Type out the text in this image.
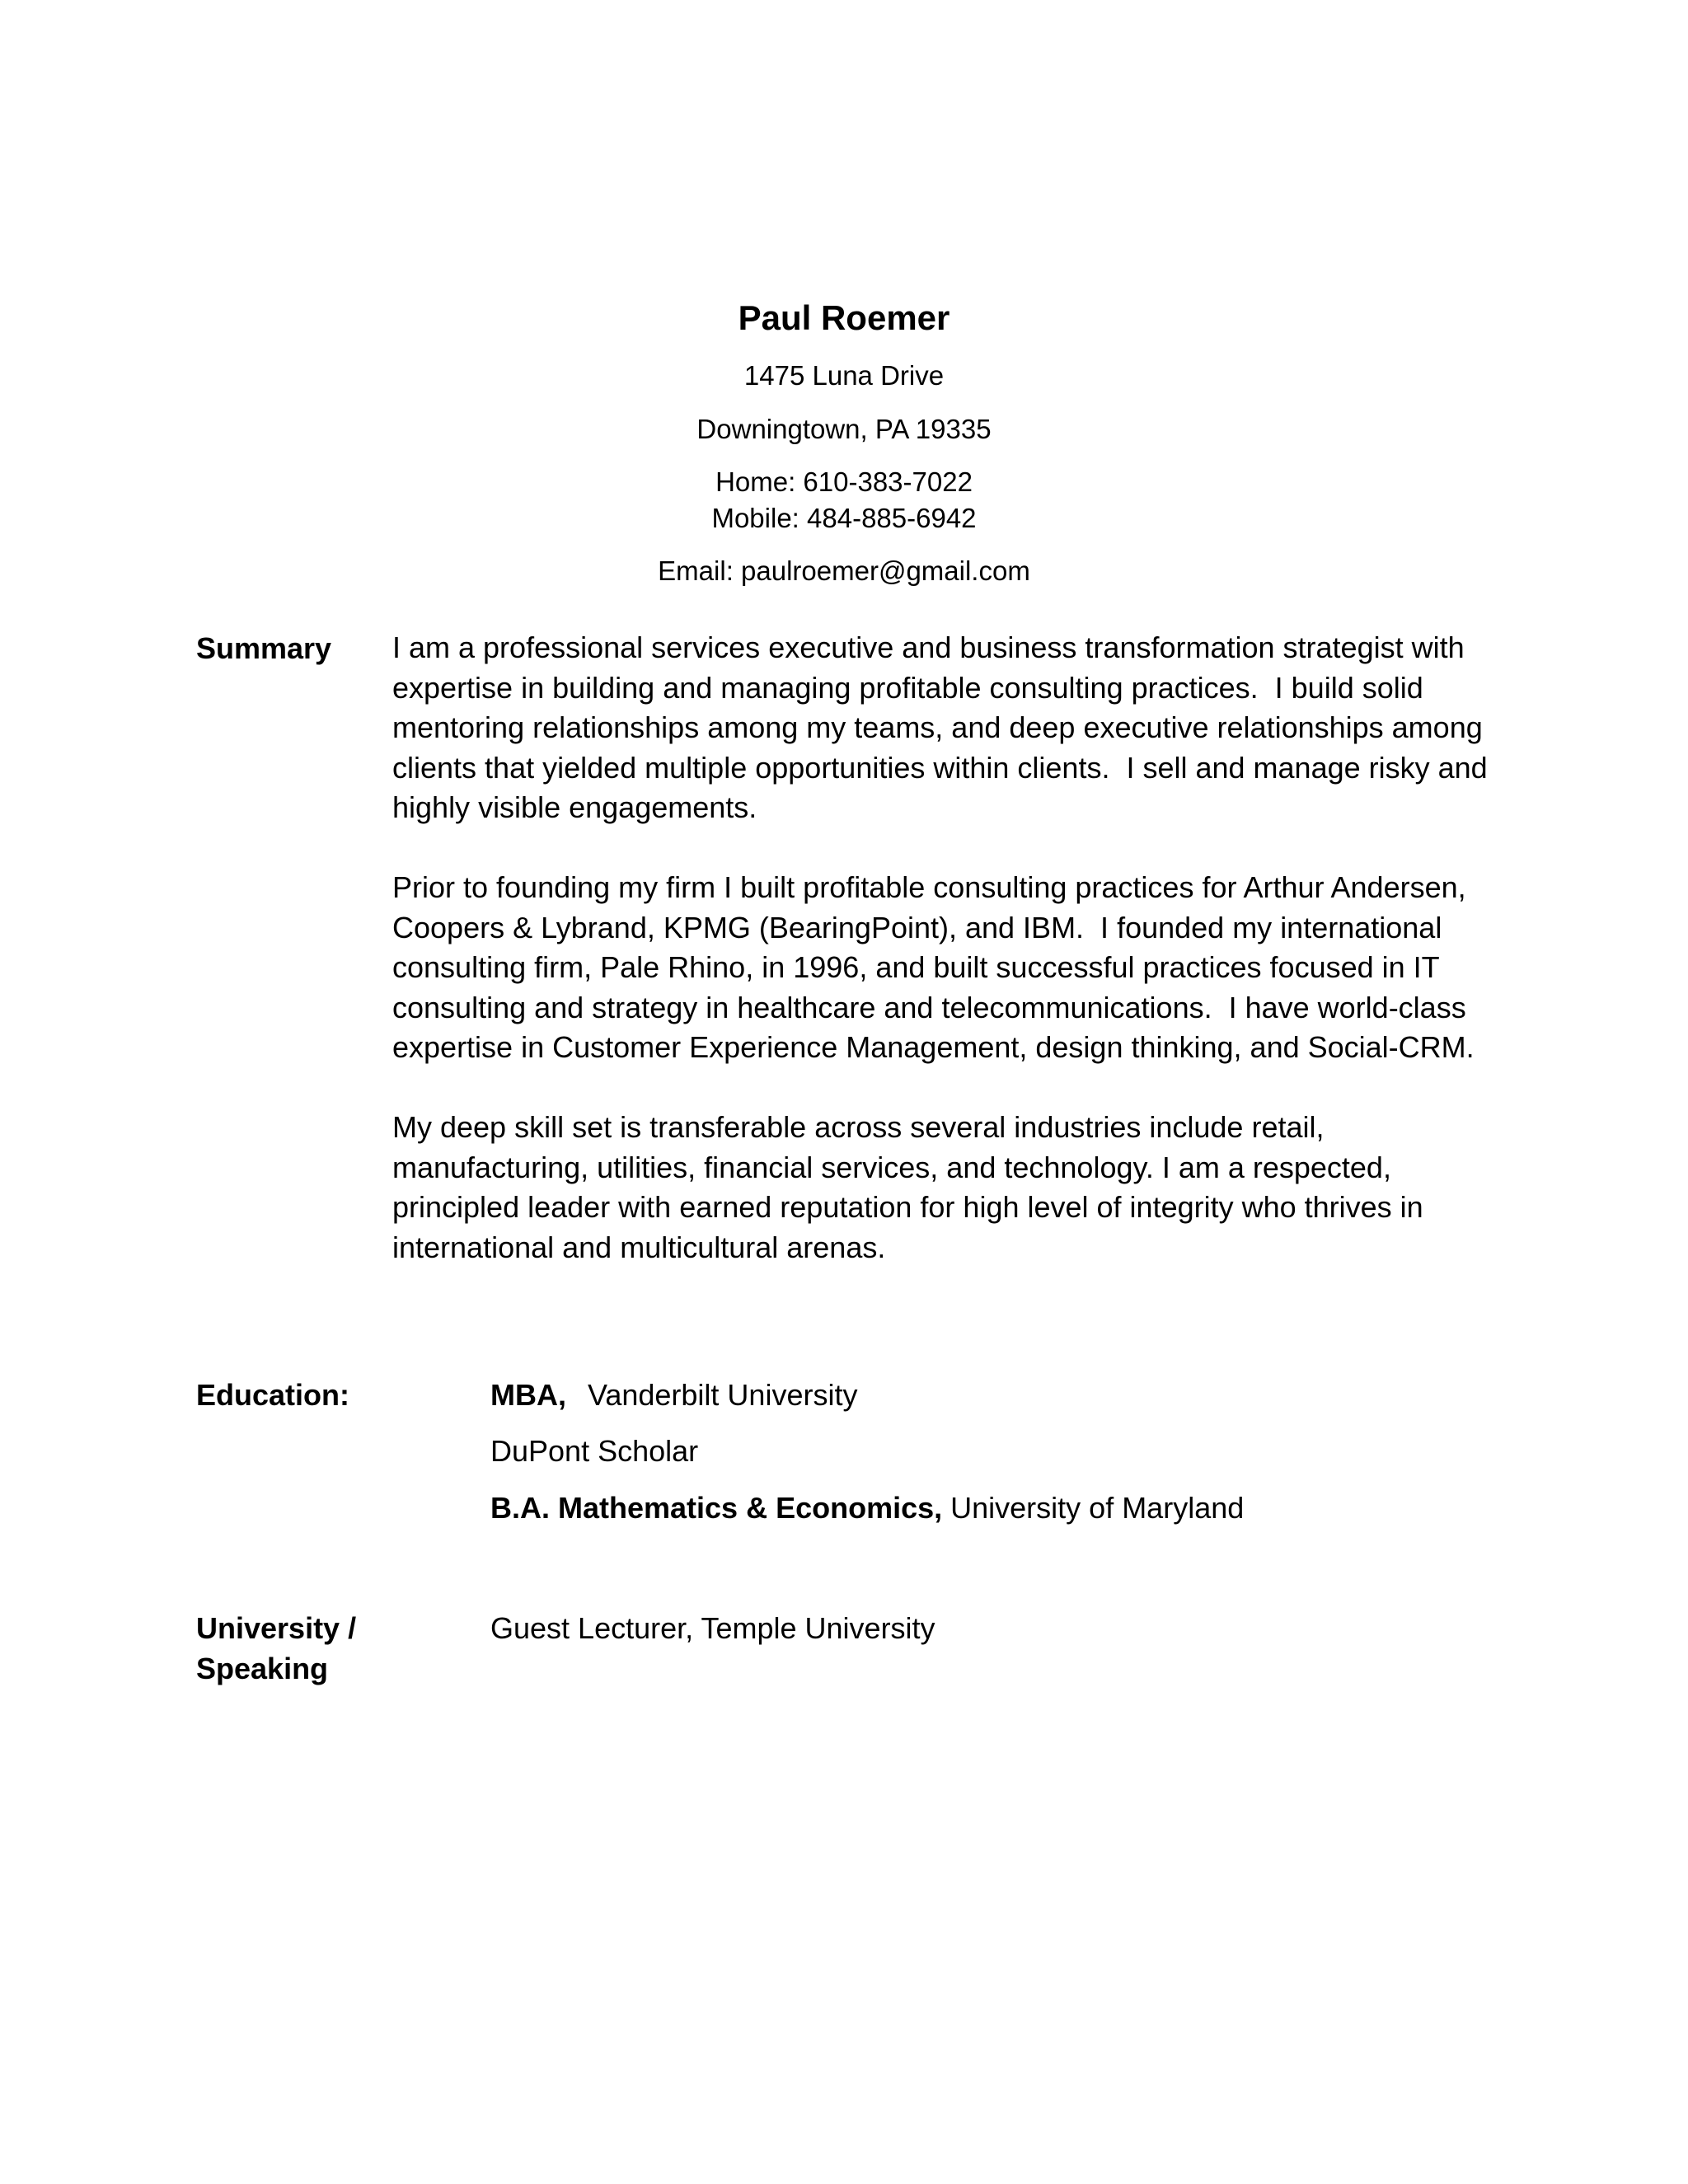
Paul Roemer
1475 Luna Drive
Downingtown, PA 19335
Home: 610-383-7022
Mobile: 484-885-6942
Email: paulroemer@gmail.com
Summary I am a professional services executive and business transformation strategist with expertise in building and managing profitable consulting practices.  I build solid mentoring relationships among my teams, and deep executive relationships among clients that yielded multiple opportunities within clients.  I sell and manage risky and highly visible engagements.

Prior to founding my firm I built profitable consulting practices for Arthur Andersen, Coopers & Lybrand, KPMG (BearingPoint), and IBM.  I founded my international consulting firm, Pale Rhino, in 1996, and built successful practices focused in IT consulting and strategy in healthcare and telecommunications.  I have world-class expertise in Customer Experience Management, design thinking, and Social-CRM.

My deep skill set is transferable across several industries include retail, manufacturing, utilities, financial services, and technology. I am a respected, principled leader with earned reputation for high level of integrity who thrives in international and multicultural arenas.

Education:	MBA, Vanderbilt University
DuPont Scholar
B.A. Mathematics & Economics, University of Maryland
University /
Speaking
Guest Lecturer, Temple University
